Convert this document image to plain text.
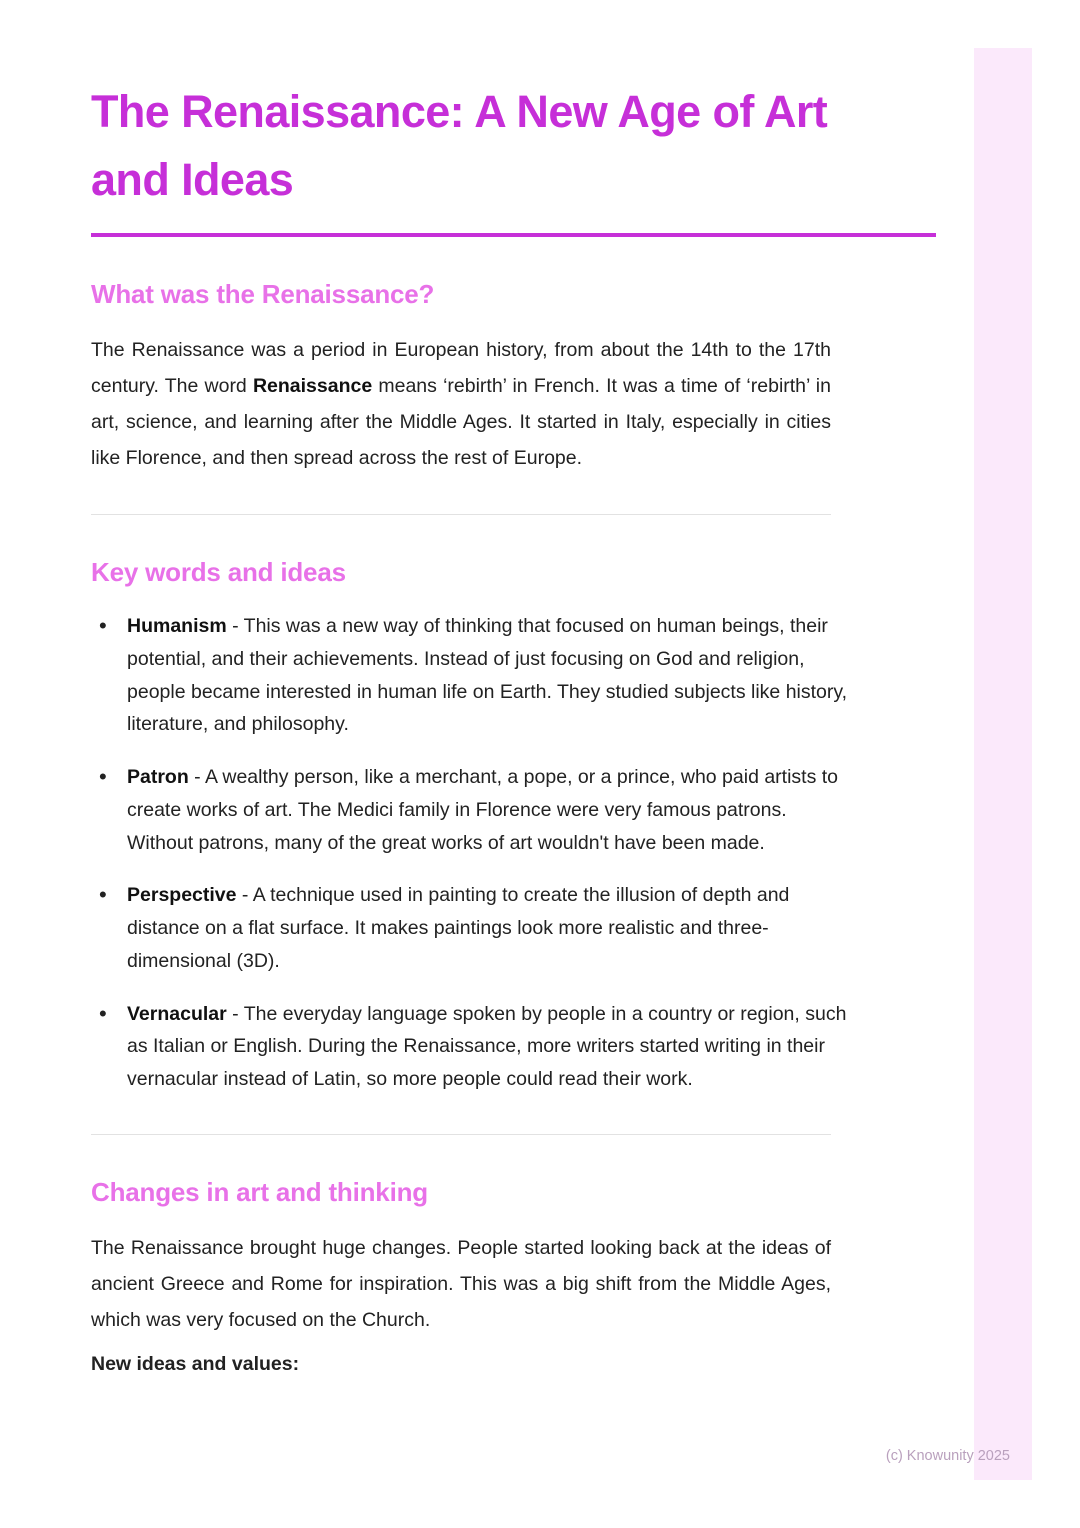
The Renaissance: A New Age of Art and Ideas
What was the Renaissance?

The Renaissance was a period in European history, from about the 14th to the 17th century. The word Renaissance means ‘rebirth’ in French. It was a time of ‘rebirth’ in art, science, and learning after the Middle Ages. It started in Italy, especially in cities like Florence, and then spread across the rest of Europe.

Key words and ideas
• Humanism - This was a new way of thinking that focused on human beings, their potential, and their achievements. Instead of just focusing on God and religion, people became interested in human life on Earth. They studied subjects like history, literature, and philosophy.
• Patron - A wealthy person, like a merchant, a pope, or a prince, who paid artists to create works of art. The Medici family in Florence were very famous patrons. Without patrons, many of the great works of art wouldn't have been made.
• Perspective - A technique used in painting to create the illusion of depth and distance on a flat surface. It makes paintings look more realistic and three-dimensional (3D).
• Vernacular - The everyday language spoken by people in a country or region, such as Italian or English. During the Renaissance, more writers started writing in their vernacular instead of Latin, so more people could read their work.
Changes in art and thinking

The Renaissance brought huge changes. People started looking back at the ideas of ancient Greece and Rome for inspiration. This was a big shift from the Middle Ages, which was very focused on the Church.

New ideas and values:

(c) Knowunity 2025
